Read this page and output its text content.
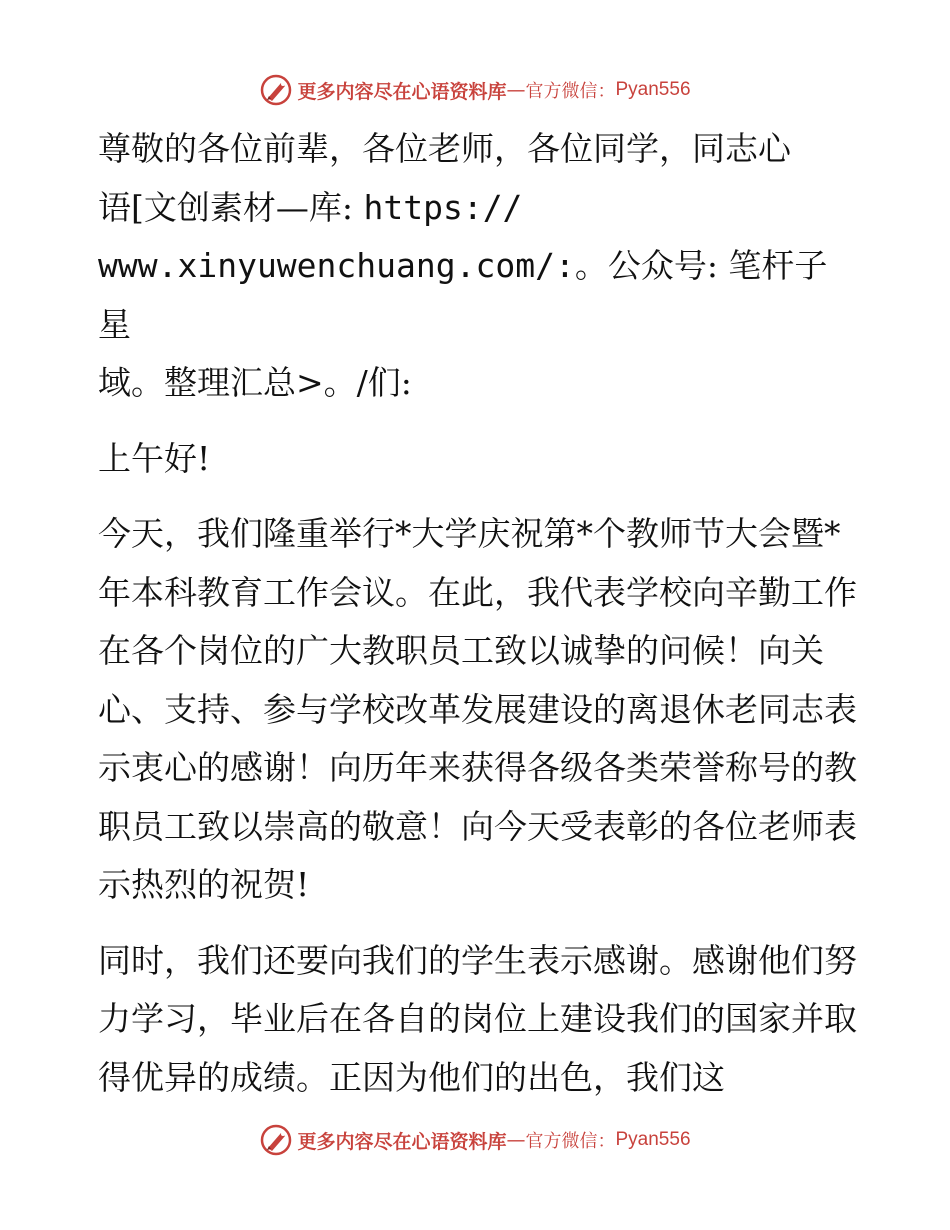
更多内容尽在心语资料库 — 官方微信： Pyan556

尊敬的各位前辈，各位老师，各位同学，同志心
语[文创素材—库: https://
www.xinyuwenchuang.com/:。公众号: 笔杆子星
域。整理汇总>。/们:

上午好!

今天，我们隆重举行*大学庆祝第*个教师节大会暨*年本科教育工作会议。在此，我代表学校向辛勤工作在各个岗位的广大教职员工致以诚挚的问候！向关心、支持、参与学校改革发展建设的离退休老同志表示衷心的感谢！向历年来获得各级各类荣誉称号的教职员工致以崇高的敬意！向今天受表彰的各位老师表示热烈的祝贺!

同时，我们还要向我们的学生表示感谢。感谢他们努力学习，毕业后在各自的岗位上建设我们的国家并取得优异的成绩。正因为他们的出色，我们这

更多内容尽在心语资料库 — 官方微信： Pyan556
